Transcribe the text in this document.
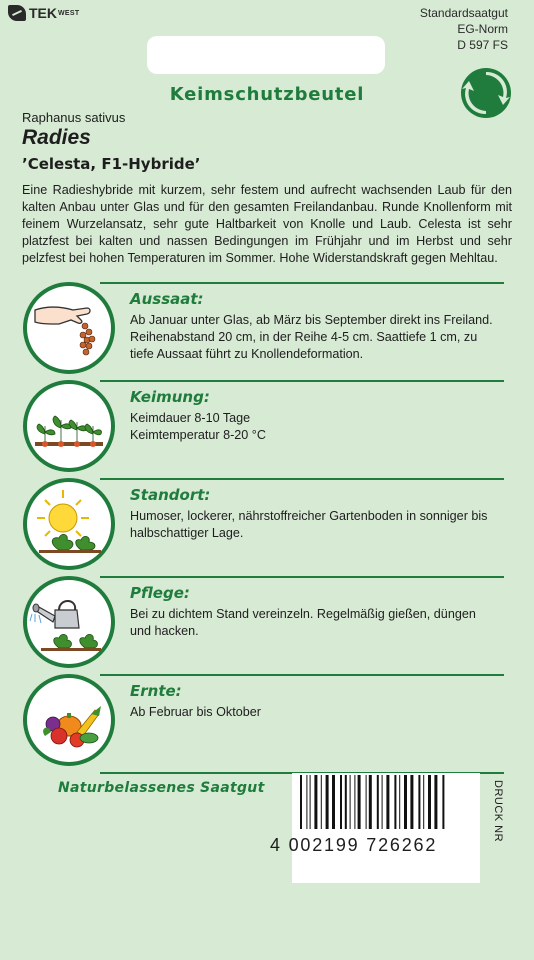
TEK WEST	Standardsaatgut
EG-Norm
D 597 FS
Keimschutzbeutel
Raphanus sativus
Radies
’Celesta, F1-Hybride’
Eine Radieshybride mit kurzem, sehr festem und aufrecht wachsenden Laub für den kalten Anbau unter Glas und für den gesamten Freilandanbau. Runde Knollenform mit feinem Wurzelansatz, sehr gute Haltbarkeit von Knolle und Laub. Celesta ist sehr platzfest bei kalten und nassen Bedingungen im Frühjahr und im Herbst und sehr pelzfest bei hohen Temperaturen im Sommer. Hohe Widerstandskraft gegen Mehltau.
Aussaat:
Ab Januar unter Glas, ab März bis September direkt ins Freiland. Reihenabstand 20 cm, in der Reihe 4-5 cm. Saattiefe 1 cm, zu tiefe Aussaat führt zu Knollendeformation.
Keimung:
Keimdauer 8-10 Tage
Keimtemperatur 8-20 °C
Standort:
Humoser, lockerer, nährstoffreicher Gartenboden in sonniger bis halbschattiger Lage.
Pflege:
Bei zu dichtem Stand vereinzeln. Regelmäßig gießen, düngen und hacken.
Ernte:
Ab Februar bis Oktober
Naturbelassenes Saatgut
4 002199 726262
DRUCK NR
